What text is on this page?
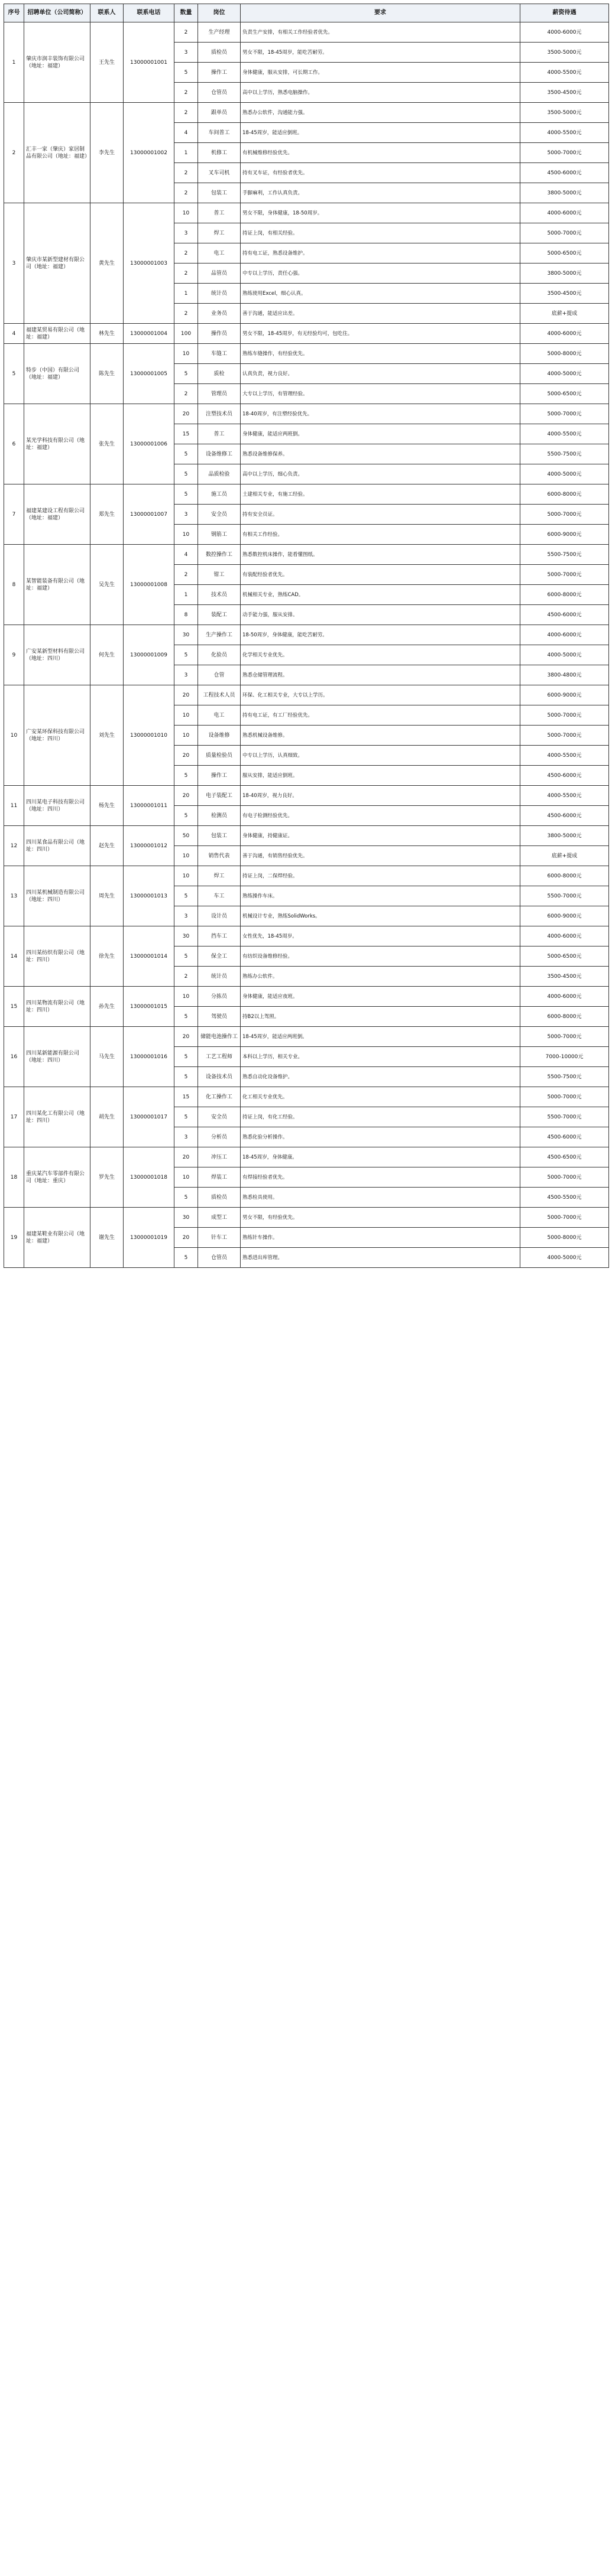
序号	招聘单位（公司简称）	联系人	联系电话	数量	岗位	要求	薪资待遇
1	肇庆市润丰装饰有限公司（地址：福建）	王先生	13000001001	2	生产经理	负责生产安排，有相关工作经验者优先。	4000-6000元
				3	质检员	男女不限，18-45周岁，能吃苦耐劳。	3500-5000元
				5	操作工	身体健康，服从安排，可长期工作。	4000-5500元
				2	仓管员	高中以上学历，熟悉电脑操作。	3500-4500元
2	汇丰一家（肇庆）家居制品有限公司（地址：福建）	李先生	13000001002	2	跟单员	熟悉办公软件，沟通能力强。	3500-5000元
				4	车间普工	18-45周岁，能适应倒班。	4000-5500元
				1	机修工	有机械维修经验优先。	5000-7000元
				2	叉车司机	持有叉车证，有经验者优先。	4500-6000元
				2	包装工	手脚麻利，工作认真负责。	3800-5000元
3	肇庆市某新型建材有限公司（地址：福建）	黄先生	13000001003	10	普工	男女不限，身体健康，18-50周岁。	4000-6000元
				3	焊工	持证上岗，有相关经验。	5000-7000元
				2	电工	持有电工证，熟悉设备维护。	5000-6500元
				2	品管员	中专以上学历，责任心强。	3800-5000元
				1	统计员	熟练使用Excel，细心认真。	3500-4500元
				2	业务员	善于沟通，能适应出差。	底薪+提成
4	福建某贸易有限公司（地址：福建）	林先生	13000001004	100	操作员	男女不限，18-45周岁，有无经验均可，包吃住。	4000-6000元
5	特步（中国）有限公司（地址：福建）	陈先生	13000001005	10	车缝工	熟练车缝操作，有经验优先。	5000-8000元
				5	质检	认真负责，视力良好。	4000-5000元
				2	管理员	大专以上学历，有管理经验。	5000-6500元
6	某光学科技有限公司（地址：福建）	张先生	13000001006	20	注塑技术员	18-40周岁，有注塑经验优先。	5000-7000元
				15	普工	身体健康，能适应两班倒。	4000-5500元
				5	设备维修工	熟悉设备维修保养。	5500-7500元
				5	品质检验	高中以上学历，细心负责。	4000-5000元
7	福建某建设工程有限公司（地址：福建）	郑先生	13000001007	5	施工员	土建相关专业，有施工经验。	6000-8000元
				3	安全员	持有安全员证。	5000-7000元
				10	钢筋工	有相关工作经验。	6000-9000元
8	某智能装备有限公司（地址：福建）	吴先生	13000001008	4	数控操作工	熟悉数控机床操作，能看懂图纸。	5500-7500元
				2	钳工	有装配经验者优先。	5000-7000元
				1	技术员	机械相关专业，熟练CAD。	6000-8000元
				8	装配工	动手能力强，服从安排。	4500-6000元
9	广安某新型材料有限公司（地址：四川）	何先生	13000001009	30	生产操作工	18-50周岁，身体健康，能吃苦耐劳。	4000-6000元
				5	化验员	化学相关专业优先。	4000-5000元
				3	仓管	熟悉仓储管理流程。	3800-4800元
10	广安某环保科技有限公司（地址：四川）	刘先生	13000001010	20	工程技术人员	环保、化工相关专业，大专以上学历。	6000-9000元
				10	电工	持有电工证，有工厂经验优先。	5000-7000元
				10	设备维修	熟悉机械设备维修。	5000-7000元
				20	质量检验员	中专以上学历，认真细致。	4000-5500元
				5	操作工	服从安排，能适应倒班。	4500-6000元
11	四川某电子科技有限公司（地址：四川）	杨先生	13000001011	20	电子装配工	18-40周岁，视力良好。	4000-5500元
				5	检测员	有电子检测经验优先。	4500-6000元
12	四川某食品有限公司（地址：四川）	赵先生	13000001012	50	包装工	身体健康，持健康证。	3800-5000元
				10	销售代表	善于沟通，有销售经验优先。	底薪+提成
13	四川某机械制造有限公司（地址：四川）	周先生	13000001013	10	焊工	持证上岗，二保焊经验。	6000-8000元
				5	车工	熟练操作车床。	5500-7000元
				3	设计员	机械设计专业，熟练SolidWorks。	6000-9000元
14	四川某纺织有限公司（地址：四川）	徐先生	13000001014	30	挡车工	女性优先，18-45周岁。	4000-6000元
				5	保全工	有纺织设备维修经验。	5000-6500元
				2	统计员	熟练办公软件。	3500-4500元
15	四川某物流有限公司（地址：四川）	孙先生	13000001015	10	分拣员	身体健康，能适应夜班。	4000-6000元
				5	驾驶员	持B2以上驾照。	6000-8000元
16	四川某新能源有限公司（地址：四川）	马先生	13000001016	20	储能电池操作工	18-45周岁，能适应两班倒。	5000-7000元
				5	工艺工程师	本科以上学历，相关专业。	7000-10000元
				5	设备技术员	熟悉自动化设备维护。	5500-7500元
17	四川某化工有限公司（地址：四川）	胡先生	13000001017	15	化工操作工	化工相关专业优先。	5000-7000元
				5	安全员	持证上岗，有化工经验。	5500-7000元
				3	分析员	熟悉化验分析操作。	4500-6000元
18	重庆某汽车零部件有限公司（地址：重庆）	罗先生	13000001018	20	冲压工	18-45周岁，身体健康。	4500-6500元
				10	焊装工	有焊接经验者优先。	5000-7000元
				5	质检员	熟悉检具使用。	4500-5500元
19	福建某鞋业有限公司（地址：福建）	谢先生	13000001019	30	成型工	男女不限，有经验优先。	5000-7000元
				20	针车工	熟练针车操作。	5000-8000元
				5	仓管员	熟悉进出库管理。	4000-5000元
